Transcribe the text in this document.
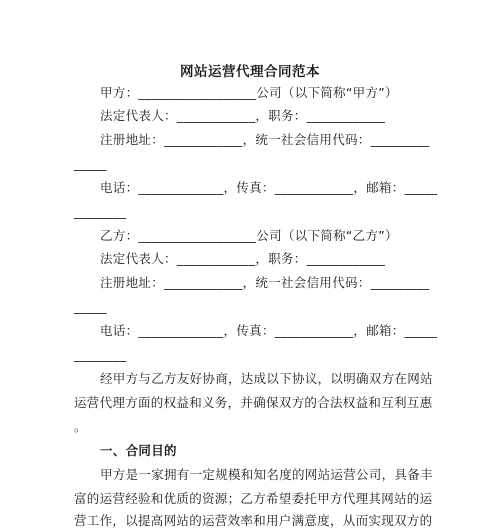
网站运营代理合同范本
甲方：__________________公司（以下简称“甲方”）
法定代表人：____________，职务：____________
注册地址：____________，统一社会信用代码：_________
_____
电话：_____________，传真：____________，邮箱：_____
________
乙方：__________________公司（以下简称“乙方”）
法定代表人：____________，职务：____________
注册地址：____________，统一社会信用代码：_________
_____
电话：_____________，传真：____________，邮箱：_____
________
经甲方与乙方友好协商，达成以下协议，以明确双方在网站
运营代理方面的权益和义务，并确保双方的合法权益和互利互惠
。
一、合同目的
甲方是一家拥有一定规模和知名度的网站运营公司，具备丰
富的运营经验和优质的资源；乙方希望委托甲方代理其网站的运
营工作，以提高网站的运营效率和用户满意度，从而实现双方的
